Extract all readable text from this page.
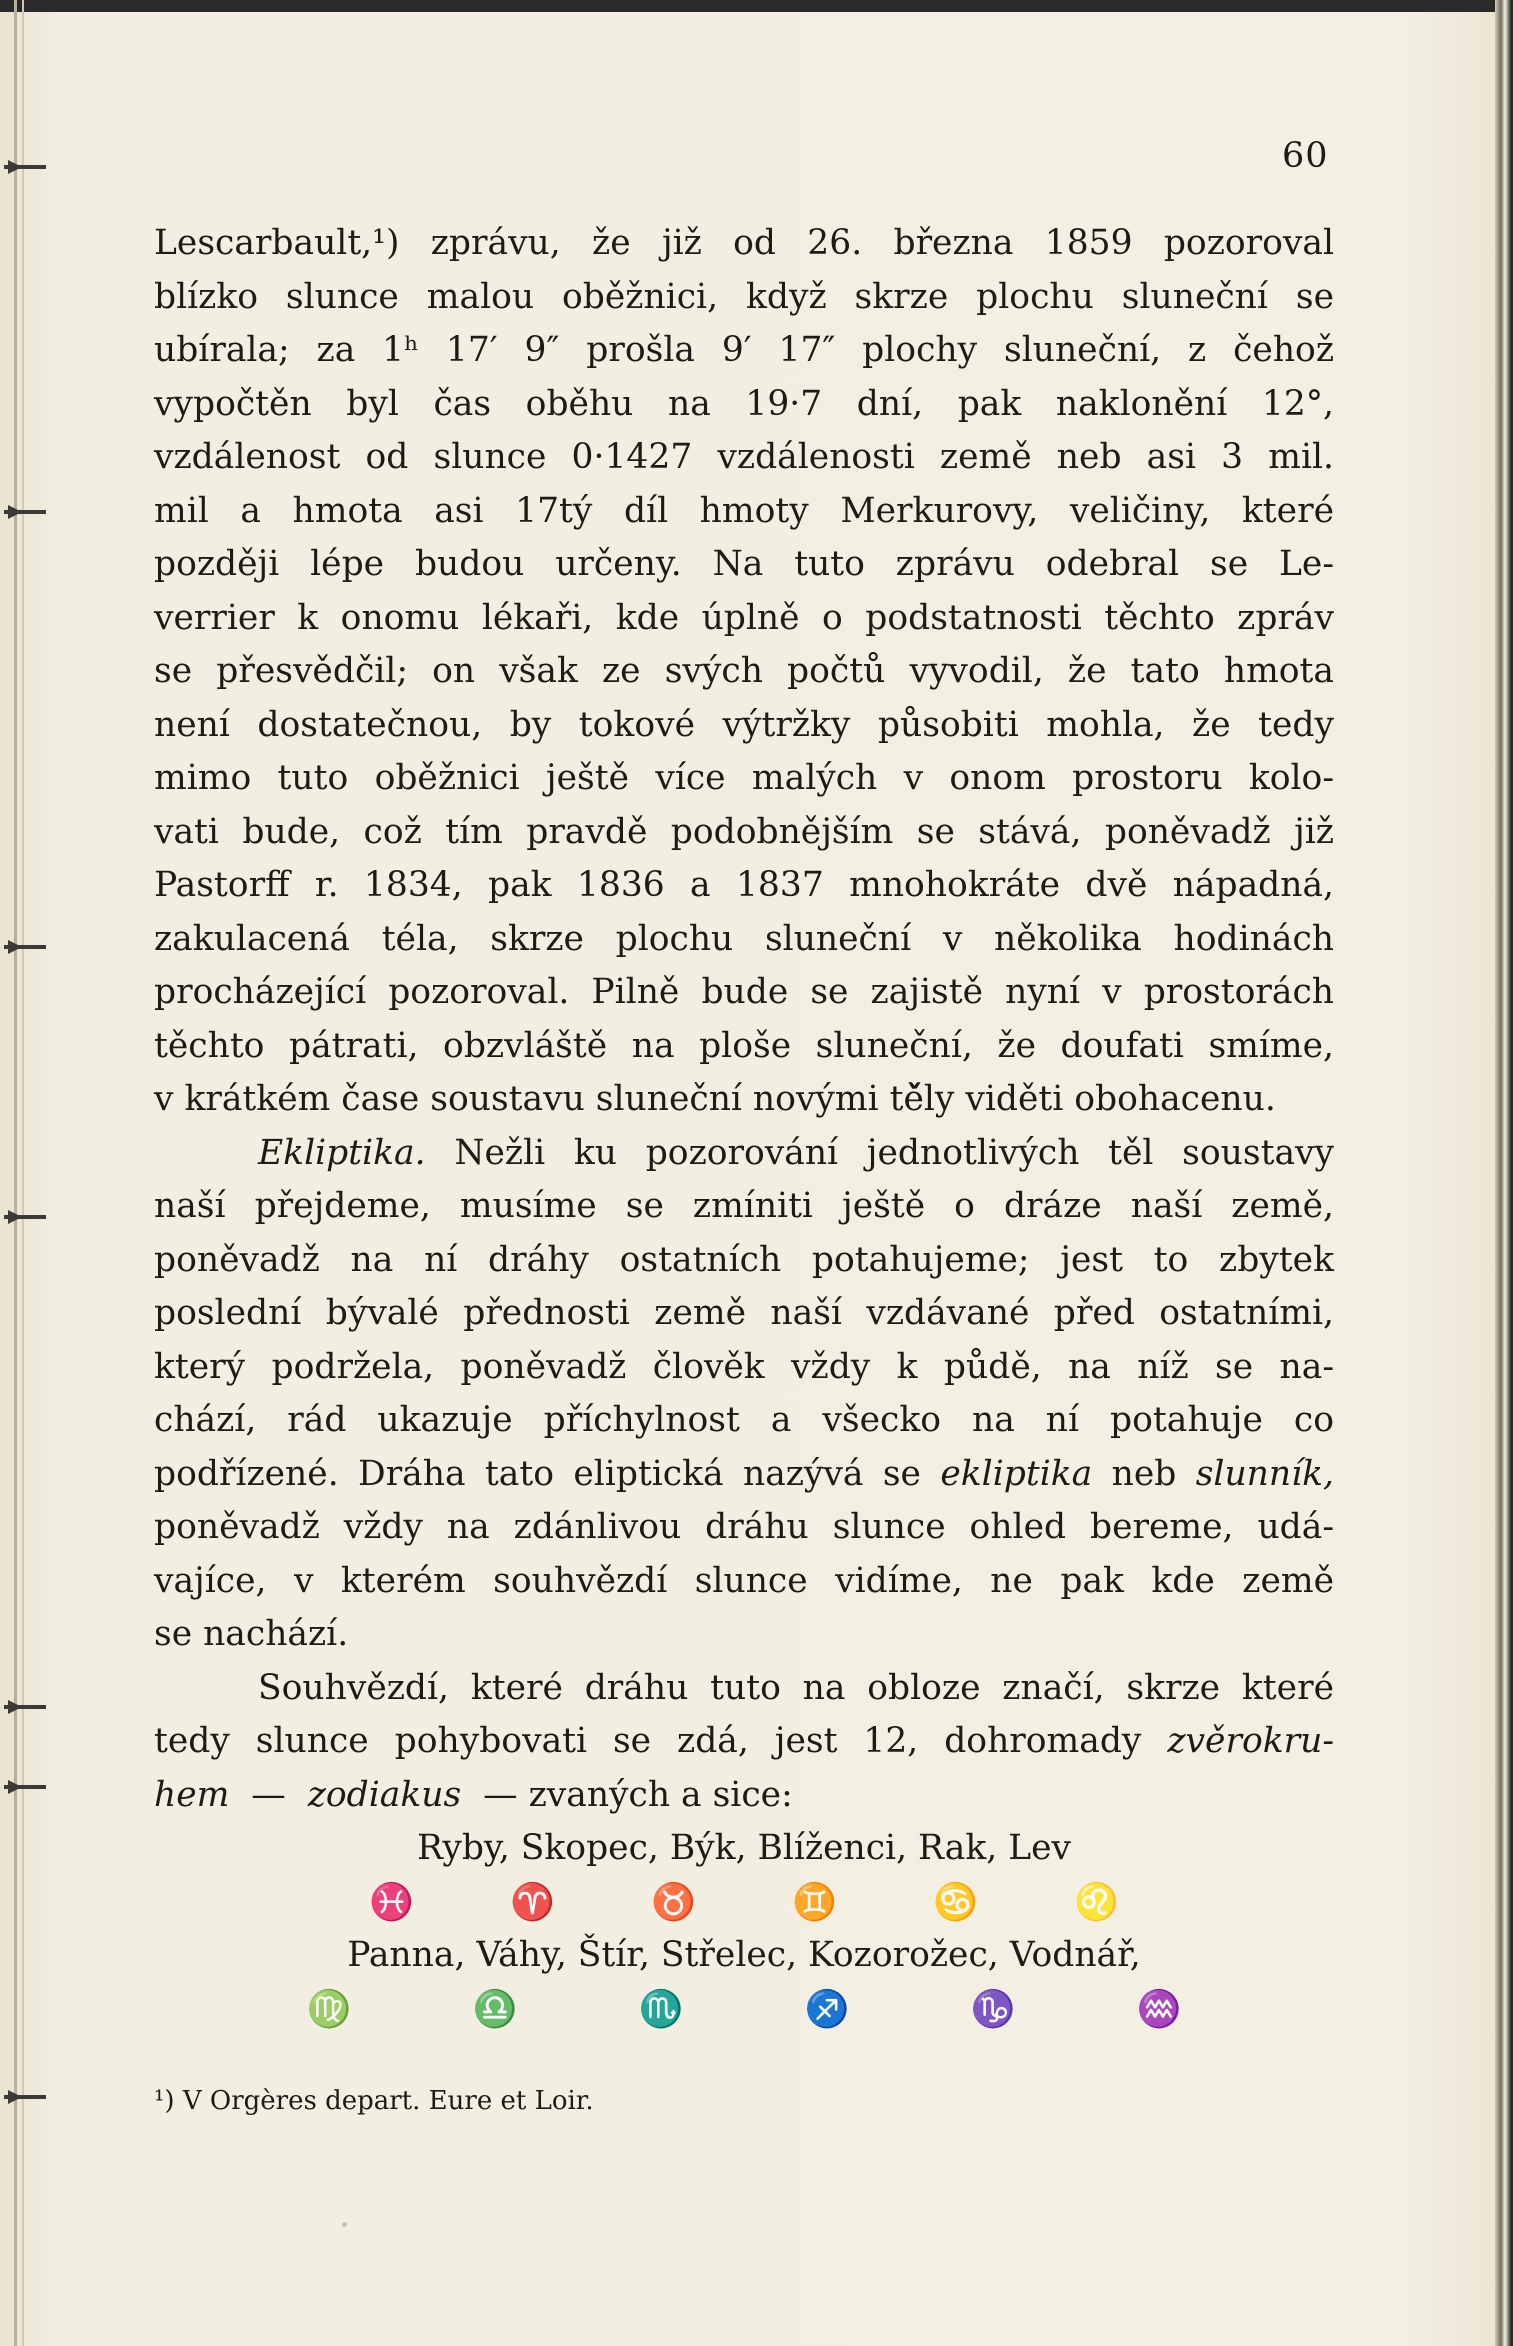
60
Lescarbault,¹) zprávu, že již od 26. března 1859 pozoroval
blízko slunce malou oběžnici, když skrze plochu sluneční se
ubírala; za 1ʰ 17′ 9″ prošla 9′ 17″ plochy sluneční, z čehož
vypočtěn byl čas oběhu na 19·7 dní, pak naklonění 12°,
vzdálenost od slunce 0·1427 vzdálenosti země neb asi 3 mil.
mil a hmota asi 17tý díl hmoty Merkurovy, veličiny, které
později lépe budou určeny. Na tuto zprávu odebral se Le-
verrier k onomu lékaři, kde úplně o podstatnosti těchto zpráv
se přesvědčil; on však ze svých počtů vyvodil, že tato hmota
není dostatečnou, by tokové výtržky působiti mohla, že tedy
mimo tuto oběžnici ještě více malých v onom prostoru kolo-
vati bude, což tím pravdě podobnějším se stává, poněvadž již
Pastorff r. 1834, pak 1836 a 1837 mnohokráte dvě nápadná,
zakulacená téla, skrze plochu sluneční v několika hodinách
procházející pozoroval. Pilně bude se zajistě nyní v prostorách
těchto pátrati, obzvláště na ploše sluneční, že doufati smíme,
v krátkém čase soustavu sluneční novými tě̌ly viděti obohacenu.
Ekliptika. Nežli ku pozorování jednotlivých těl soustavy
naší přejdeme, musíme se zmíniti ještě o dráze naší země,
poněvadž na ní dráhy ostatních potahujeme; jest to zbytek
poslední bývalé přednosti země naší vzdávané před ostatními,
který podržela, poněvadž člověk vždy k půdě, na níž se na-
chází, rád ukazuje příchylnost a všecko na ní potahuje co
podřízené. Dráha tato eliptická nazývá se ekliptika neb slunník,
poněvadž vždy na zdánlivou dráhu slunce ohled bereme, udá-
vajíce, v kterém souhvězdí slunce vidíme, ne pak kde země
se nachází.
Souhvězdí, které dráhu tuto na obloze značí, skrze které
tedy slunce pohybovati se zdá, jest 12, dohromady zvěrokru-
hem — zodiakus — zvaných a sice:
Ryby, Skopec, Býk, Blíženci, Rak, Lev
♓	♈	♉	♊	♋	♌
Panna, Váhy, Štír, Střelec, Kozorožec, Vodnář,
♍	♎	♏	♐	♑	♒
¹) V Orgères depart. Eure et Loir.
